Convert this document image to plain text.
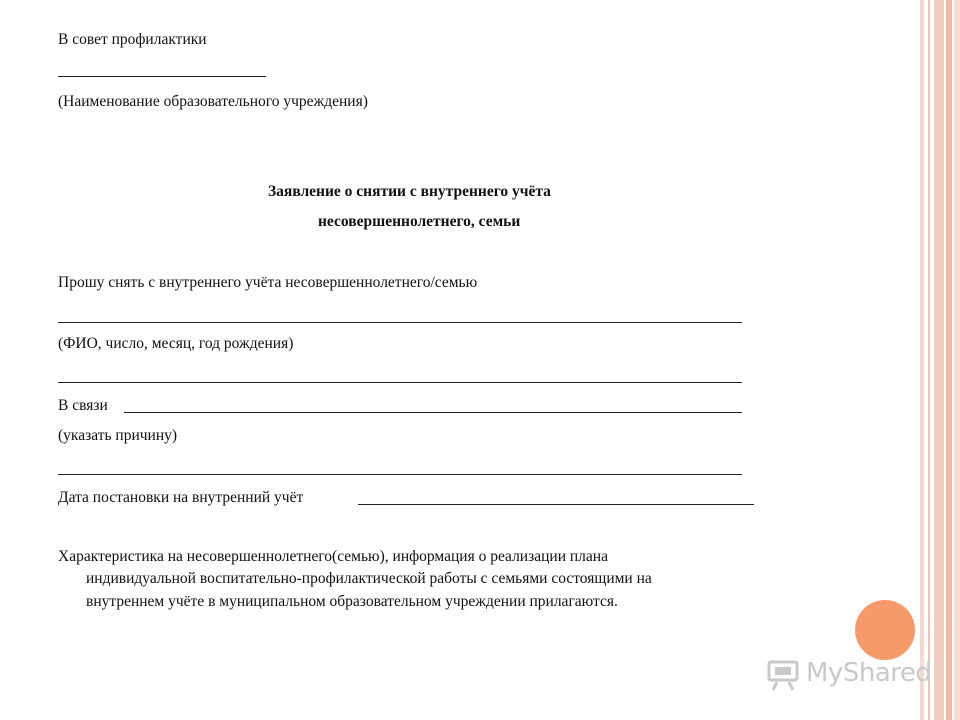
В совет профилактики
(Наименование образовательного учреждения)
Заявление о снятии с внутреннего учёта
несовершеннолетнего, семьи
Прошу снять с внутреннего учёта несовершеннолетнего/семью
(ФИО, число, месяц, год рождения)
В связи
(указать причину)
Дата постановки на внутренний учёт
Характеристика на несовершеннолетнего(семью), информация о реализации плана
индивидуальной воспитательно-профилактической работы с семьями состоящими на
внутреннем учёте в муниципальном образовательном учреждении прилагаются.
MyShared
